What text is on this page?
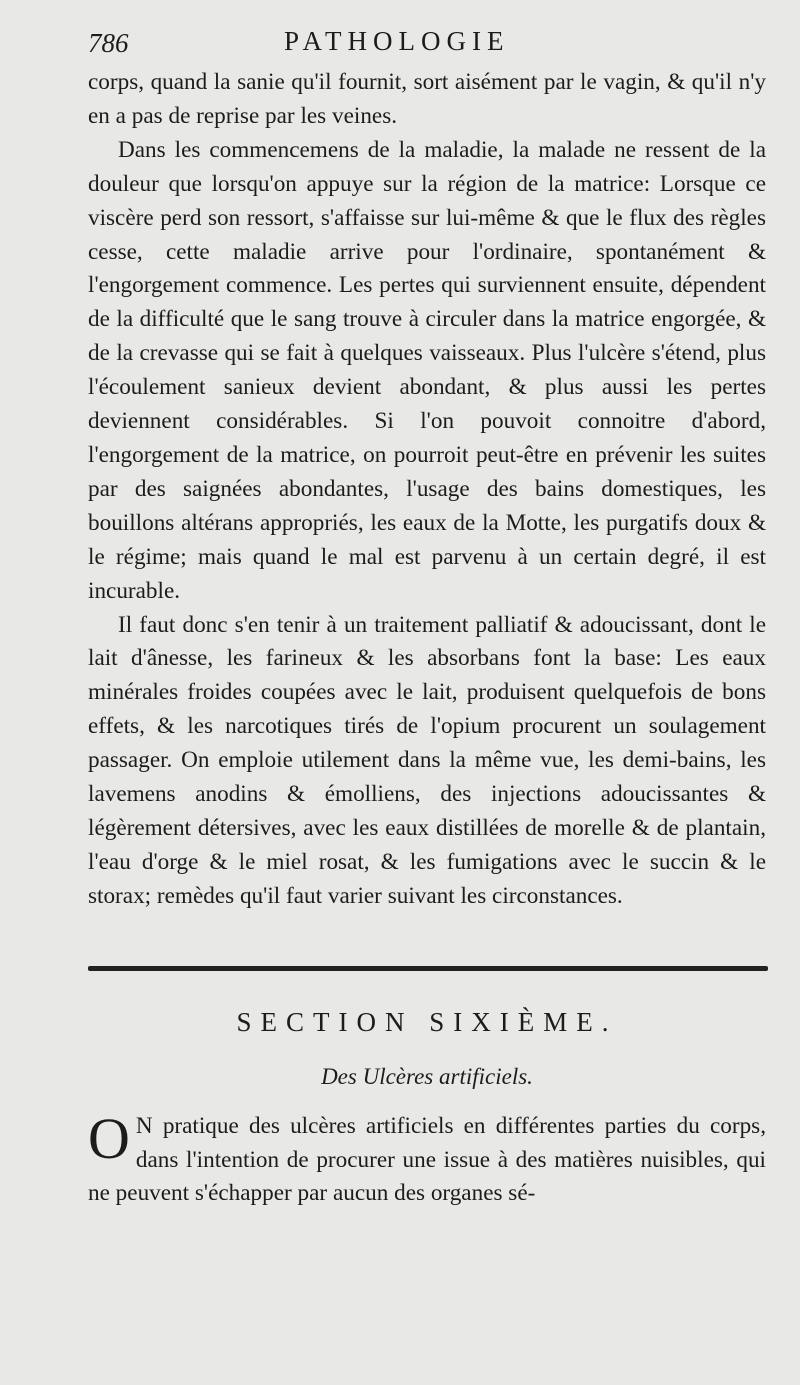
786	PATHOLOGIE

corps, quand la sanie qu'il fournit, sort aisément par le vagin, & qu'il n'y en a pas de reprise par les veines.

Dans les commencemens de la maladie, la malade ne ressent de la douleur que lorsqu'on appuye sur la région de la matrice: Lorsque ce viscère perd son ressort, s'affaisse sur lui-même & que le flux des règles cesse, cette maladie arrive pour l'ordinaire, spontanément & l'engorgement commence. Les pertes qui surviennent ensuite, dépendent de la difficulté que le sang trouve à circuler dans la matrice engorgée, & de la crevasse qui se fait à quelques vaisseaux. Plus l'ulcère s'étend, plus l'écoulement sanieux devient abondant, & plus aussi les pertes deviennent considérables. Si l'on pouvoit connoitre d'abord, l'engorgement de la matrice, on pourroit peut-être en prévenir les suites par des saignées abondantes, l'usage des bains domestiques, les bouillons altérans appropriés, les eaux de la Motte, les purgatifs doux & le régime; mais quand le mal est parvenu à un certain degré, il est incurable.

Il faut donc s'en tenir à un traitement palliatif & adoucissant, dont le lait d'ânesse, les farineux & les absorbans font la base: Les eaux minérales froides coupées avec le lait, produisent quelquefois de bons effets, & les narcotiques tirés de l'opium procurent un soulagement passager. On emploie utilement dans la même vue, les demi-bains, les lavemens anodins & émolliens, des injections adoucissantes & légèrement détersives, avec les eaux distillées de morelle & de plantain, l'eau d'orge & le miel rosat, & les fumigations avec le succin & le storax; remèdes qu'il faut varier suivant les circonstances.

SECTION SIXIÈME.
Des Ulcères artificiels.

O N pratique des ulcères artificiels en différentes parties du corps, dans l'intention de procurer une issue à des matières nuisibles, qui ne peuvent s'échapper par aucun des organes sé-
